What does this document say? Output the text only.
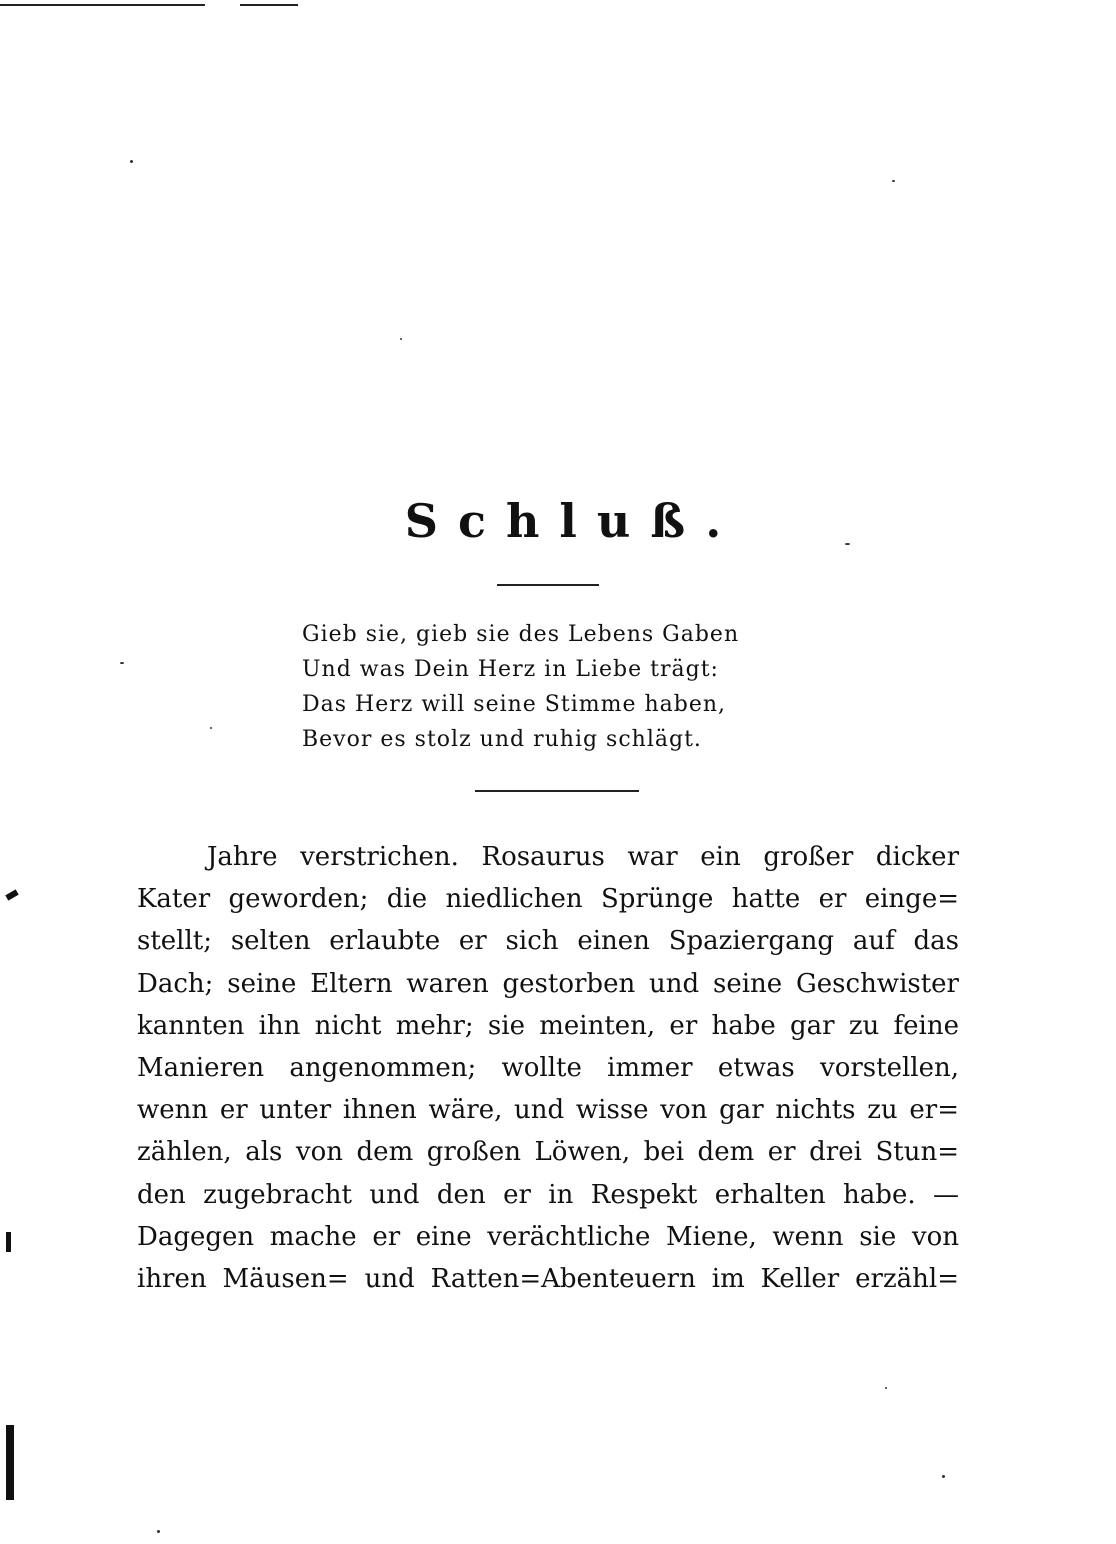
Schluß.
Gieb sie, gieb sie des Lebens Gaben
Und was Dein Herz in Liebe trägt:
Das Herz will seine Stimme haben,
Bevor es stolz und ruhig schlägt.

Jahre verstrichen. Rosaurus war ein großer dicker
Kater geworden; die niedlichen Sprünge hatte er einge=
stellt; selten erlaubte er sich einen Spaziergang auf das
Dach; seine Eltern waren gestorben und seine Geschwister
kannten ihn nicht mehr; sie meinten, er habe gar zu feine
Manieren angenommen; wollte immer etwas vorstellen,
wenn er unter ihnen wäre, und wisse von gar nichts zu er=
zählen, als von dem großen Löwen, bei dem er drei Stun=
den zugebracht und den er in Respekt erhalten habe. —
Dagegen mache er eine verächtliche Miene, wenn sie von
ihren Mäusen= und Ratten=Abenteuern im Keller erzähl=
